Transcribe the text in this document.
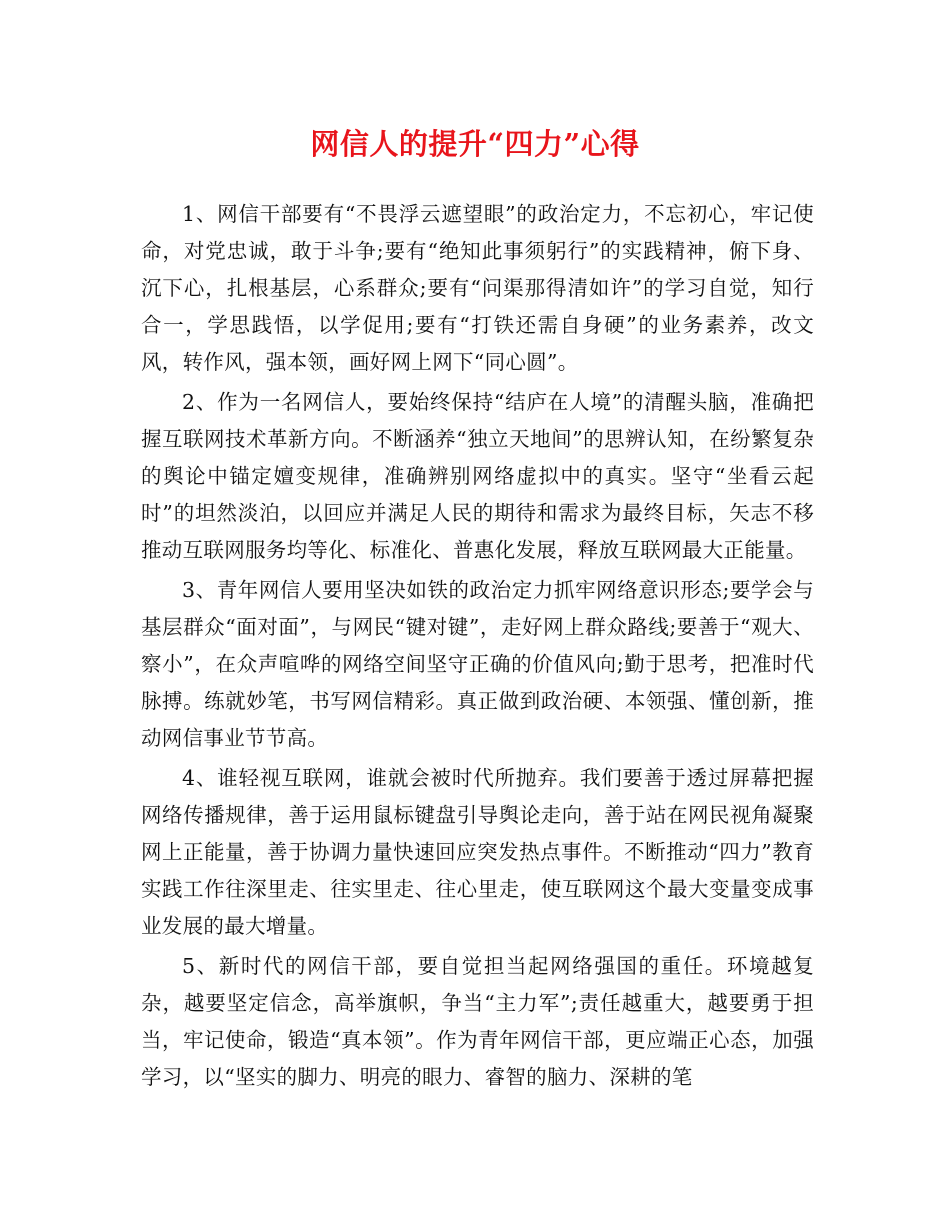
网信人的提升“四力”心得

1、网信干部要有“不畏浮云遮望眼”的政治定力，不忘初心，牢记使命，对党忠诚，敢于斗争;要有“绝知此事须躬行”的实践精神，俯下身、沉下心，扎根基层，心系群众;要有“问渠那得清如许”的学习自觉，知行合一，学思践悟，以学促用;要有“打铁还需自身硬”的业务素养，改文风，转作风，强本领，画好网上网下“同心圆”。

2、作为一名网信人，要始终保持“结庐在人境”的清醒头脑，准确把握互联网技术革新方向。不断涵养“独立天地间”的思辨认知，在纷繁复杂的舆论中锚定嬗变规律，准确辨别网络虚拟中的真实。坚守“坐看云起时”的坦然淡泊，以回应并满足人民的期待和需求为最终目标，矢志不移推动互联网服务均等化、标准化、普惠化发展，释放互联网最大正能量。

3、青年网信人要用坚决如铁的政治定力抓牢网络意识形态;要学会与基层群众“面对面”，与网民“键对键”，走好网上群众路线;要善于“观大、察小”，在众声喧哗的网络空间坚守正确的价值风向;勤于思考，把准时代脉搏。练就妙笔，书写网信精彩。真正做到政治硬、本领强、懂创新，推动网信事业节节高。

4、谁轻视互联网，谁就会被时代所抛弃。我们要善于透过屏幕把握网络传播规律，善于运用鼠标键盘引导舆论走向，善于站在网民视角凝聚网上正能量，善于协调力量快速回应突发热点事件。不断推动“四力”教育实践工作往深里走、往实里走、往心里走，使互联网这个最大变量变成事业发展的最大增量。

5、新时代的网信干部，要自觉担当起网络强国的重任。环境越复杂，越要坚定信念，高举旗帜，争当“主力军”;责任越重大，越要勇于担当，牢记使命，锻造“真本领”。作为青年网信干部，更应端正心态，加强学习，以“坚实的脚力、明亮的眼力、睿智的脑力、深耕的笔
